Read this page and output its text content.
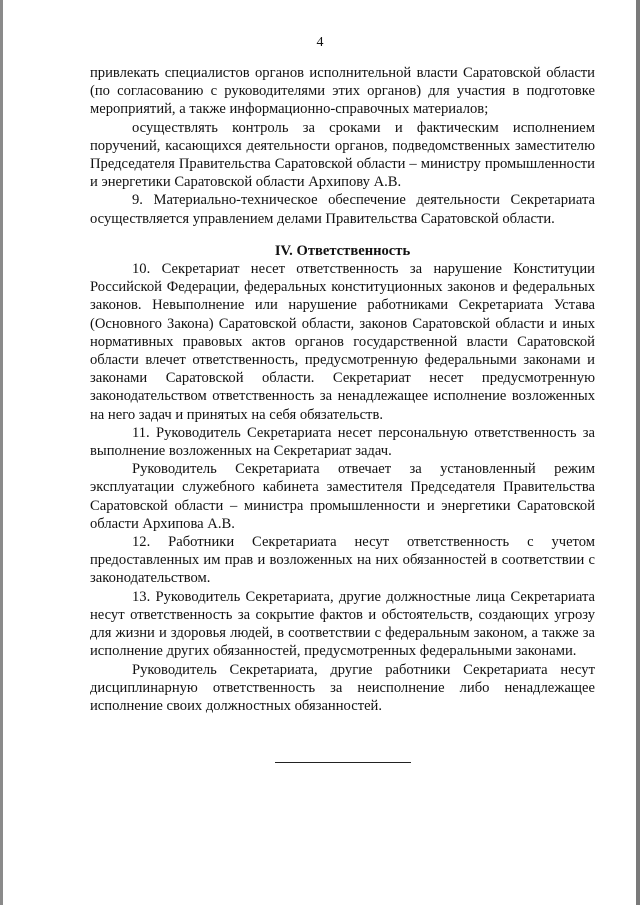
4

привлекать специалистов органов исполнительной власти Саратовской области (по согласованию с руководителями этих органов) для участия в подготовке мероприятий, а также информационно-справочных материалов;

осуществлять контроль за сроками и фактическим исполнением поручений, касающихся деятельности органов, подведомственных заместителю Председателя Правительства Саратовской области – министру промышленности и энергетики Саратовской области Архипову А.В.

9. Материально-техническое обеспечение деятельности Секретариата осуществляется управлением делами Правительства Саратовской области.

IV. Ответственность

10. Секретариат несет ответственность за нарушение Конституции Российской Федерации, федеральных конституционных законов и федеральных законов. Невыполнение или нарушение работниками Секретариата Устава (Основного Закона) Саратовской области, законов Саратовской области и иных нормативных правовых актов органов государственной власти Саратовской области влечет ответственность, предусмотренную федеральными законами и законами Саратовской области. Секретариат несет предусмотренную законодательством ответственность за ненадлежащее исполнение возложенных на него задач и принятых на себя обязательств.

11. Руководитель Секретариата несет персональную ответственность за выполнение возложенных на Секретариат задач.

Руководитель Секретариата отвечает за установленный режим эксплуатации служебного кабинета заместителя Председателя Правительства Саратовской области – министра промышленности и энергетики Саратовской области Архипова А.В.

12. Работники Секретариата несут ответственность с учетом предоставленных им прав и возложенных на них обязанностей в соответствии с законодательством.

13. Руководитель Секретариата, другие должностные лица Секретариата несут ответственность за сокрытие фактов и обстоятельств, создающих угрозу для жизни и здоровья людей, в соответствии с федеральным законом, а также за исполнение других обязанностей, предусмотренных федеральными законами.

Руководитель Секретариата, другие работники Секретариата несут дисциплинарную ответственность за неисполнение либо ненадлежащее исполнение своих должностных обязанностей.
